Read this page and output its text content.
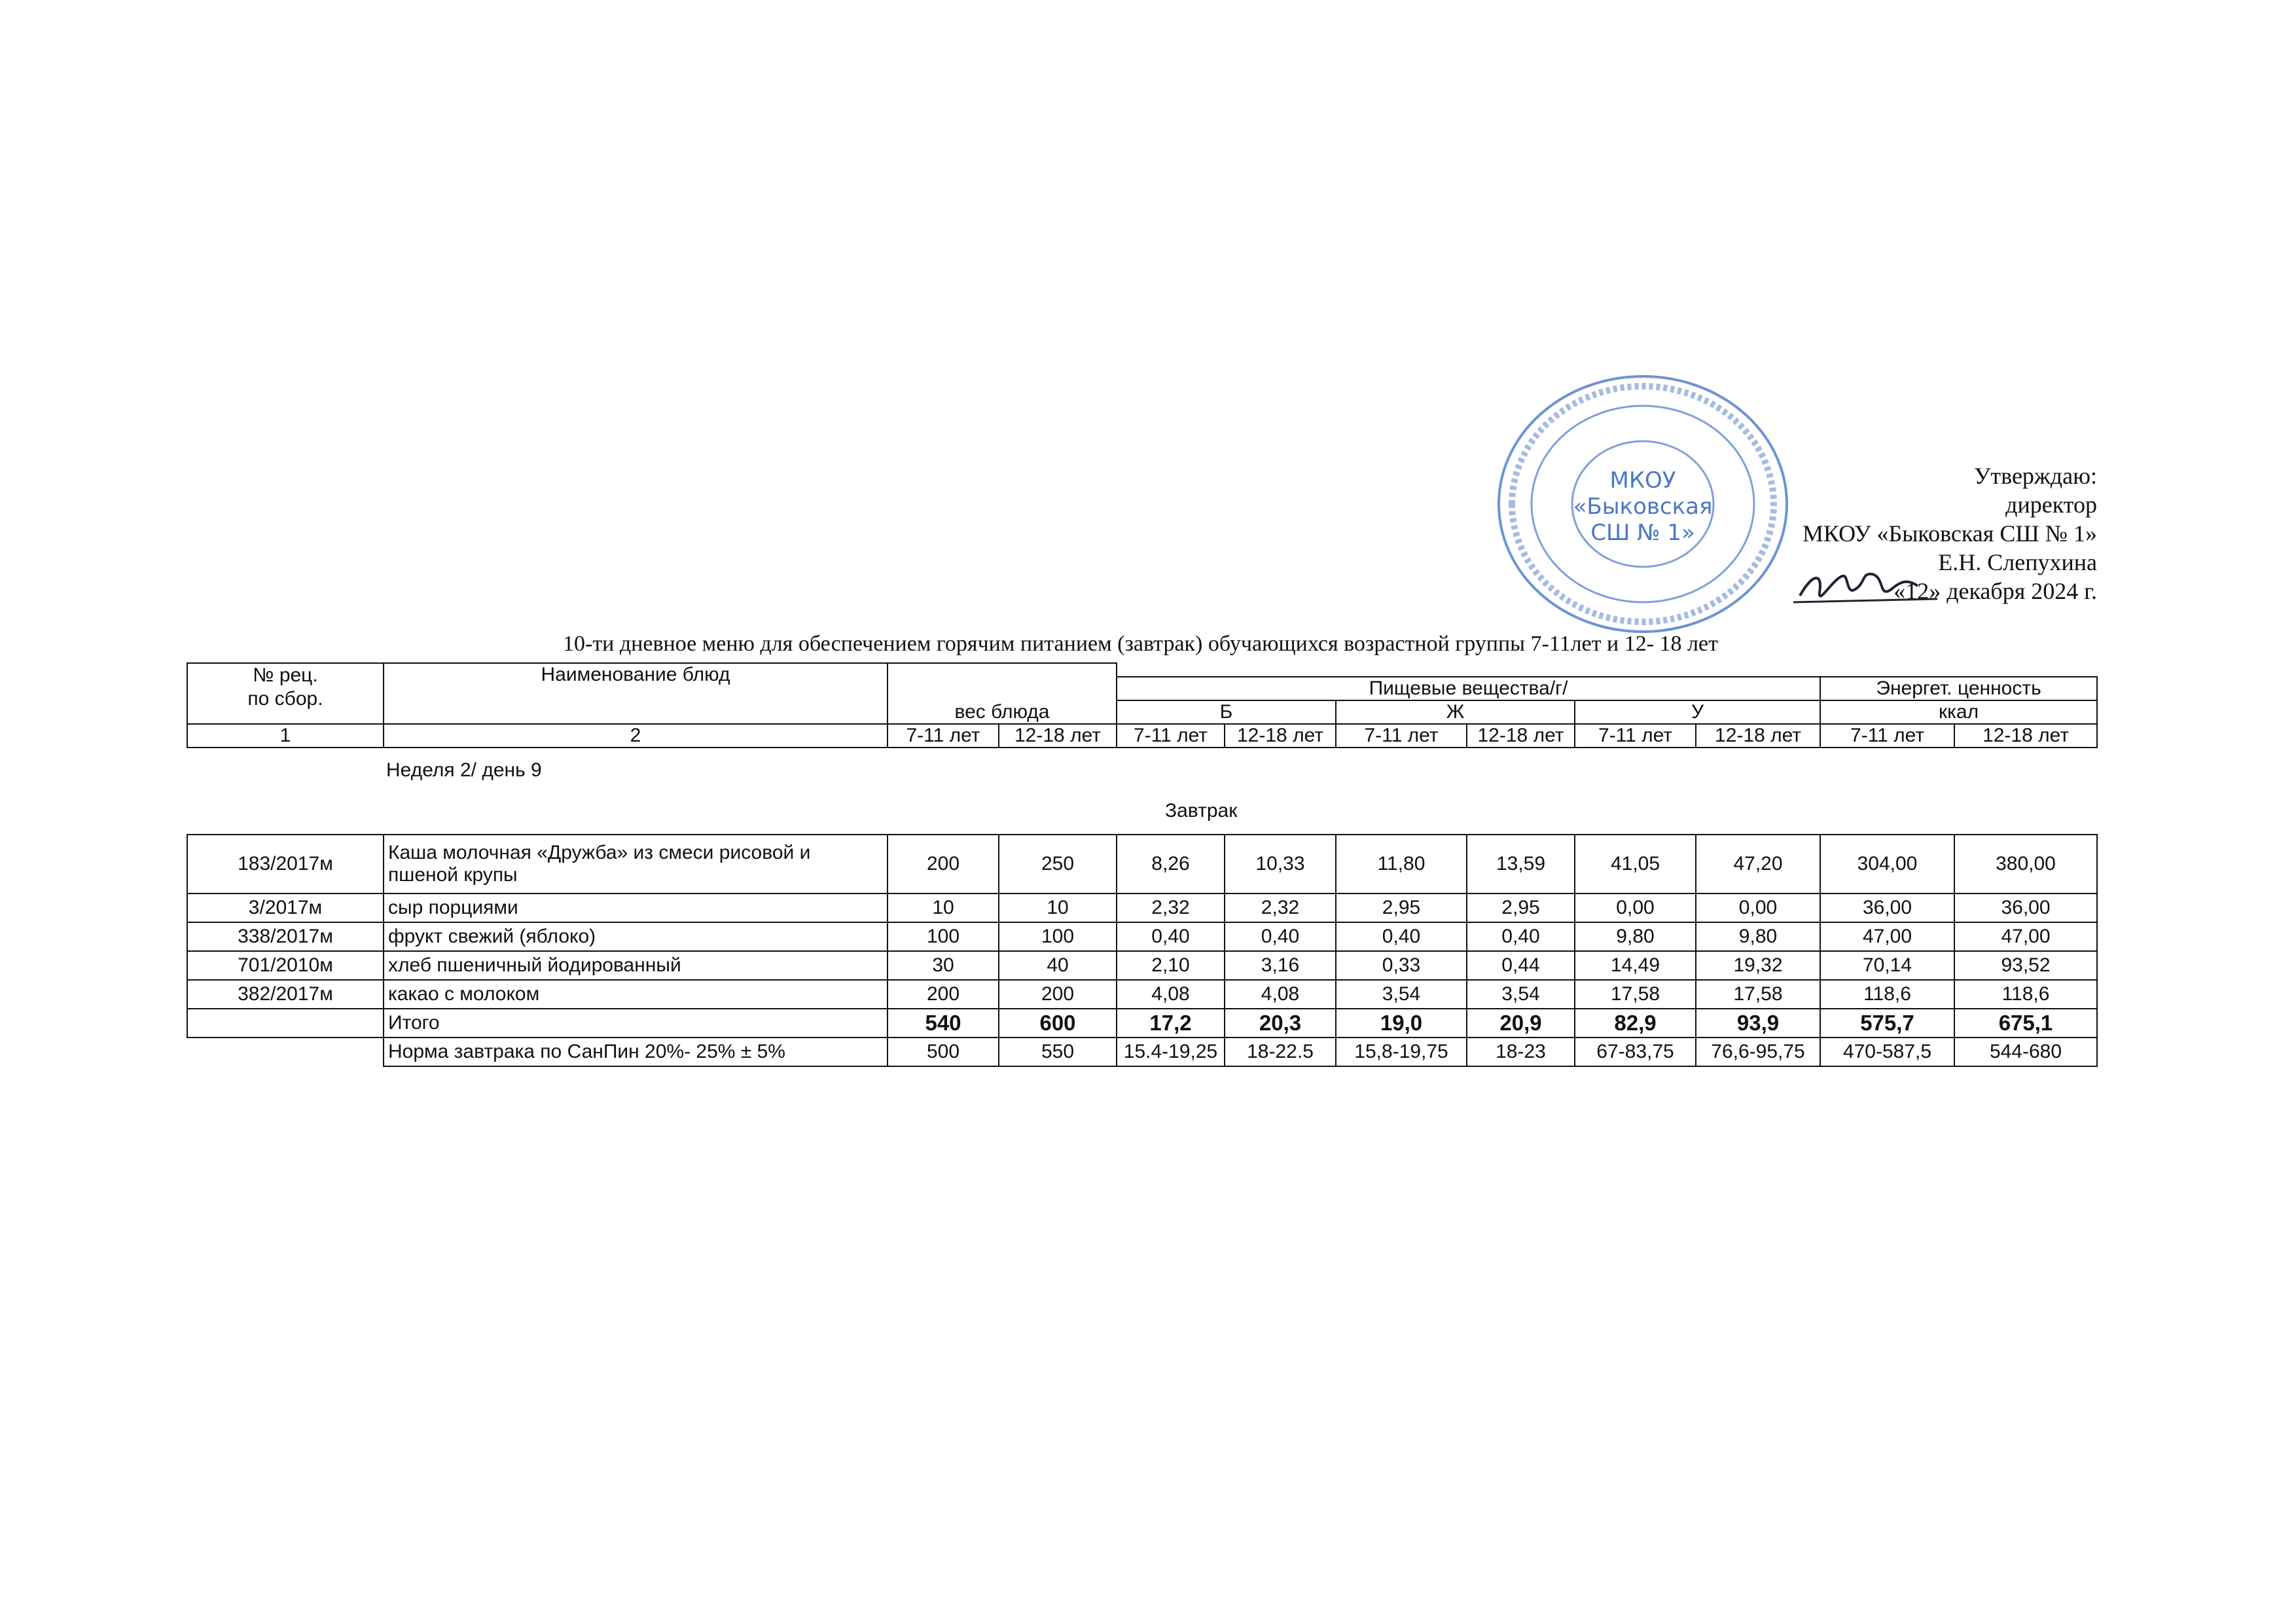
МКОУ
«Быковская
СШ № 1»
Утверждаю:
директор
МКОУ «Быковская СШ № 1»
Е.Н. Слепухина
«12» декабря 2024 г.
10-ти дневное меню для обеспечением горячим питанием (завтрак) обучающихся возрастной группы 7-11лет и 12- 18 лет
№ рец.
по сбор.	Наименование блюд	вес блюда									
				Пищевые вещества/г/						Энергет. ценность	
				Б		Ж		У		ккал	
1	2	7-11 лет	12-18 лет	7-11 лет	12-18 лет	7-11 лет	12-18 лет	7-11 лет	12-18 лет	7-11 лет	12-18 лет
Неделя 2/ день 9
Завтрак
183/2017м	Каша молочная «Дружба» из смеси рисовой и пшеной крупы	200	250	8,26	10,33	11,80	13,59	41,05	47,20	304,00	380,00
3/2017м	сыр порциями	10	10	2,32	2,32	2,95	2,95	0,00	0,00	36,00	36,00
338/2017м	фрукт свежий (яблоко)	100	100	0,40	0,40	0,40	0,40	9,80	9,80	47,00	47,00
701/2010м	хлеб пшеничный йодированный	30	40	2,10	3,16	0,33	0,44	14,49	19,32	70,14	93,52
382/2017м	какао с молоком	200	200	4,08	4,08	3,54	3,54	17,58	17,58	118,6	118,6
	Итого	540	600	17,2	20,3	19,0	20,9	82,9	93,9	575,7	675,1
	Норма завтрака по СанПин 20%- 25% ± 5%	500	550	15.4-19,25	18-22.5	15,8-19,75	18-23	67-83,75	76,6-95,75	470-587,5	544-680
